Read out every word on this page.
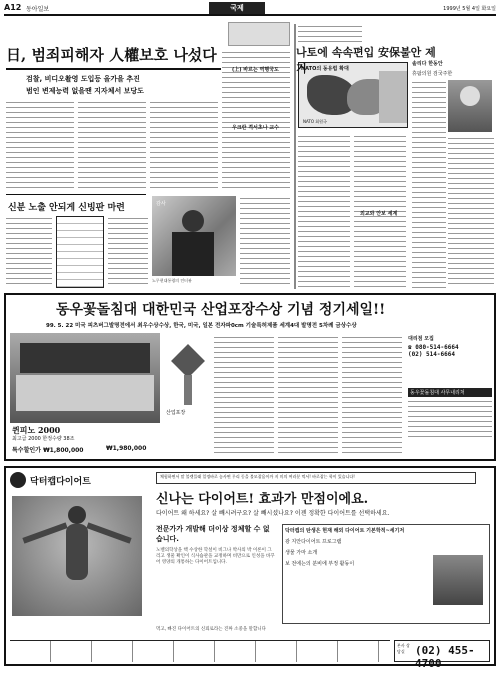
A12 동아일보	국제	1999년 5월 4일 화요일
日, 범죄피해자 人權보호 나섰다
검찰, 비디오촬영 도입등 올가을 추진
범인 변제능력 없을땐 지자체서 보당도
신분 노출 안되게 신빙판 마련	감사
노무현대통령의 인터뷰
(上) 바르는 역행국도
우크란 격서초나 교수
NATO의 동유럽 확대
NATO 회원국
나토에 속속편입 安保불안 제거	솔리다 한동안
휴팜의원 검국주한
외교와 안보 세계
동우꽃돌침대 대한민국 산업포장수상 기념 정기세일!!
99. 5. 22 미국 피츠버그발명전에서 최우수상수상, 한국, 미국, 일본 전자파0cm 기술특허제품 세계4대 발명전 5차례 금상수상
퀸피노 2000
최고급 2000 한정수량 38조
특수할인가 ₩1,800,000	₩1,980,000
산업포장
대리점 모집
☎ 080-514-6664
(02) 514-6664
동우꽃돌침대 사무내리처
닥터캡다이어트
체험하면서 말 불렛플래 일정바로 놓사면 무리 동을 볼모잡음이까 지 미의 여러분 먹서! 바로잡는 학이 있습니다!
신나는 다이어트! 효과가 만점이에요.
다이어트 왜 하세요? 살 빼시려구요? 살 빼시셨나요? 이젠 정확한 다이어트를 선택하세요.
전문가가 개발해 더이상 정체할 수 없습니다.
노벨의학상을 핵 수상한 학설이 비그나 박사의 박 이론이 그리고 생물 확인이 식사습관을 교정하며 비만으로 인성을 바꾸어 영양의 개통하는 다이어트입니다.
닥터캡의 탄생은 현재 해외 다이어트 기본학적~세기저
광 지안다이어트 프로그램
생물 가마 소개
보 전에는의 분비에 부정 활동이
먹고, 빠진 다이어트의 신뢰로라는 진짜 소중을 말합니다
본사 상담실 (02) 455-4700
